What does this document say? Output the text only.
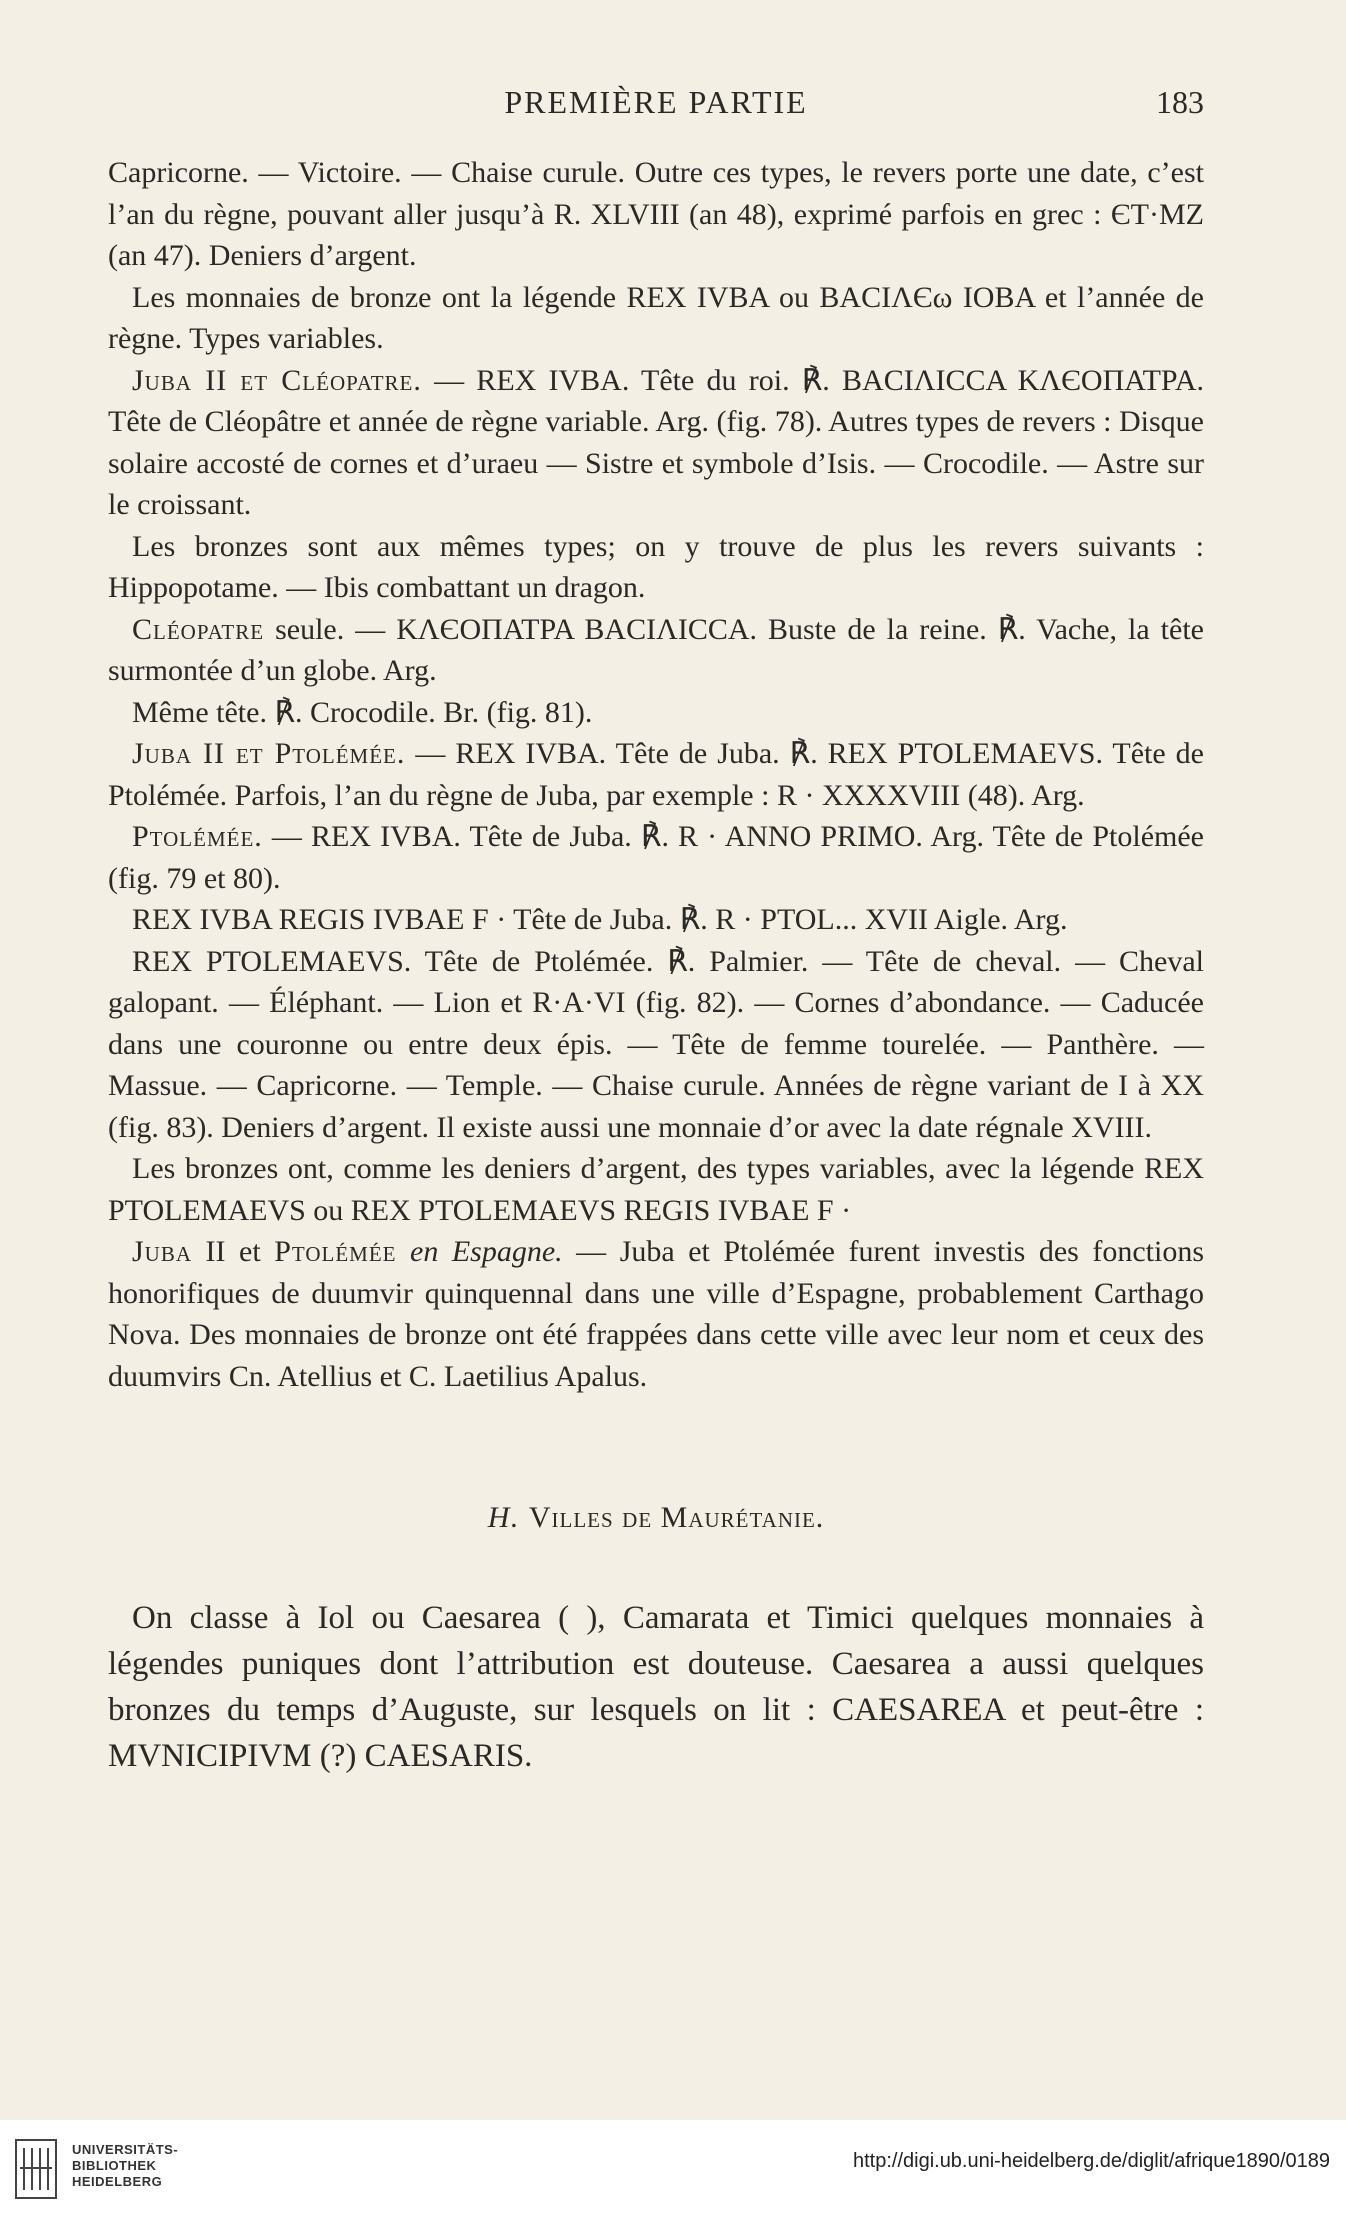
PREMIÈRE PARTIE	183

Capricorne. — Victoire. — Chaise curule. Outre ces types, le revers porte une date, c’est l’an du règne, pouvant aller jusqu’à R. XLVIII (an 48), exprimé parfois en grec : ЄТ·MZ (an 47). Deniers d’argent.

Les monnaies de bronze ont la légende REX IVBA ou BACIΛЄω IOBA et l’année de règne. Types variables.

Juba II et Cléopatre. — REX IVBA. Tête du roi. ℟. BACIΛICCA KΛЄOΠATPA. Tête de Cléopâtre et année de règne variable. Arg. (fig. 78). Autres types de revers : Disque solaire accosté de cornes et d’uraeu — Sistre et symbole d’Isis. — Crocodile. — Astre sur le croissant.

Les bronzes sont aux mêmes types; on y trouve de plus les revers suivants : Hippopotame. — Ibis combattant un dragon.

Cléopatre seule. — KΛЄOΠATPA BACIΛICCA. Buste de la reine. ℟. Vache, la tête surmontée d’un globe. Arg.

Même tête. ℟. Crocodile. Br. (fig. 81).

Juba II et Ptolémée. — REX IVBA. Tête de Juba. ℟. REX PTOLEMAEVS. Tête de Ptolémée. Parfois, l’an du règne de Juba, par exemple : R · XXXXVIII (48). Arg.

Ptolémée. — REX IVBA. Tête de Juba. ℟. R · ANNO PRIMO. Arg. Tête de Ptolémée (fig. 79 et 80).

REX IVBA REGIS IVBAE F · Tête de Juba. ℟. R · PTOL... XVII Aigle. Arg.

REX PTOLEMAEVS. Tête de Ptolémée. ℟. Palmier. — Tête de cheval. — Cheval galopant. — Éléphant. — Lion et R·A·VI (fig. 82). — Cornes d’abondance. — Caducée dans une couronne ou entre deux épis. — Tête de femme tourelée. — Panthère. — Massue. — Capricorne. — Temple. — Chaise curule. Années de règne variant de I à XX (fig. 83). Deniers d’argent. Il existe aussi une monnaie d’or avec la date régnale XVIII.

Les bronzes ont, comme les deniers d’argent, des types variables, avec la légende REX PTOLEMAEVS ou REX PTOLEMAEVS REGIS IVBAE F ·

Juba II et Ptolémée en Espagne. — Juba et Ptolémée furent investis des fonctions honorifiques de duumvir quinquennal dans une ville d’Espagne, probablement Carthago Nova. Des monnaies de bronze ont été frappées dans cette ville avec leur nom et ceux des duumvirs Cn. Atellius et C. Laetilius Apalus.

H. Villes de Maurétanie.

On classe à Iol ou Caesarea ( ), Camarata et Timici quelques monnaies à légendes puniques dont l’attribution est douteuse. Caesarea a aussi quelques bronzes du temps d’Auguste, sur lesquels on lit : CAESAREA et peut-être : MVNICIPIVM (?) CAESARIS.

UNIVERSITÄTS-
BIBLIOTHEK
HEIDELBERG
http://digi.ub.uni-heidelberg.de/diglit/afrique1890/0189
